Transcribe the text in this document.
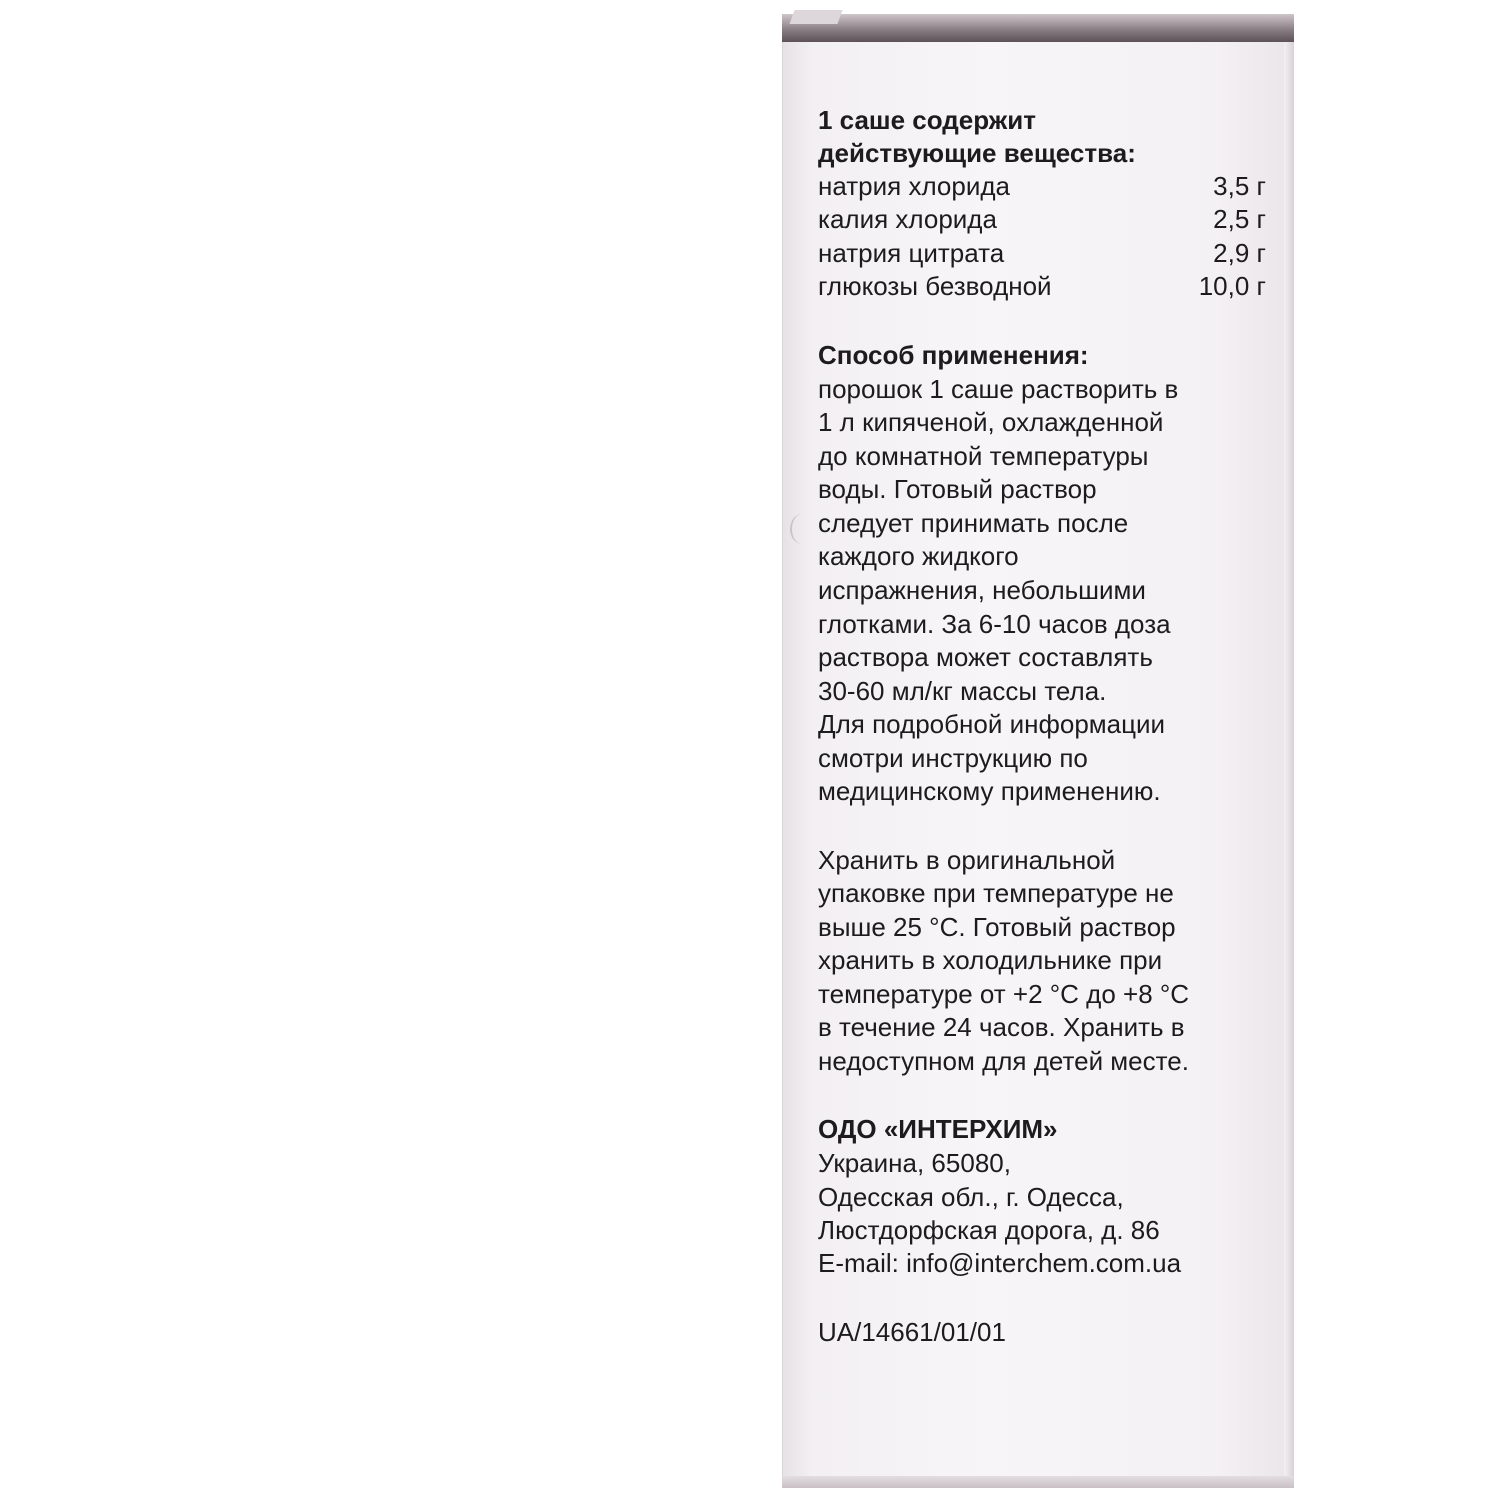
1 саше содержит
действующие вещества:
натрия хлорида	3,5 г
калия хлорида	2,5 г
натрия цитрата	2,9 г
глюкозы безводной	10,0 г
Способ применения:
порошок 1 саше растворить в
1 л кипяченой, охлажденной
до комнатной температуры
воды. Готовый раствор
следует принимать после
каждого жидкого
испражнения, небольшими
глотками. За 6-10 часов доза
раствора может составлять
30-60 мл/кг массы тела.
Для подробной информации
смотри инструкцию по
медицинскому применению.
Хранить в оригинальной
упаковке при температуре не
выше 25 °С. Готовый раствор
хранить в холодильнике при
температуре от +2 °С до +8 °С
в течение 24 часов. Хранить в
недоступном для детей месте.
ОДО «ИНТЕРХИМ»
Украина, 65080,
Одесская обл., г. Одесса,
Люстдорфская дорога, д. 86
E-mail: info@interchem.com.ua
UA/14661/01/01
